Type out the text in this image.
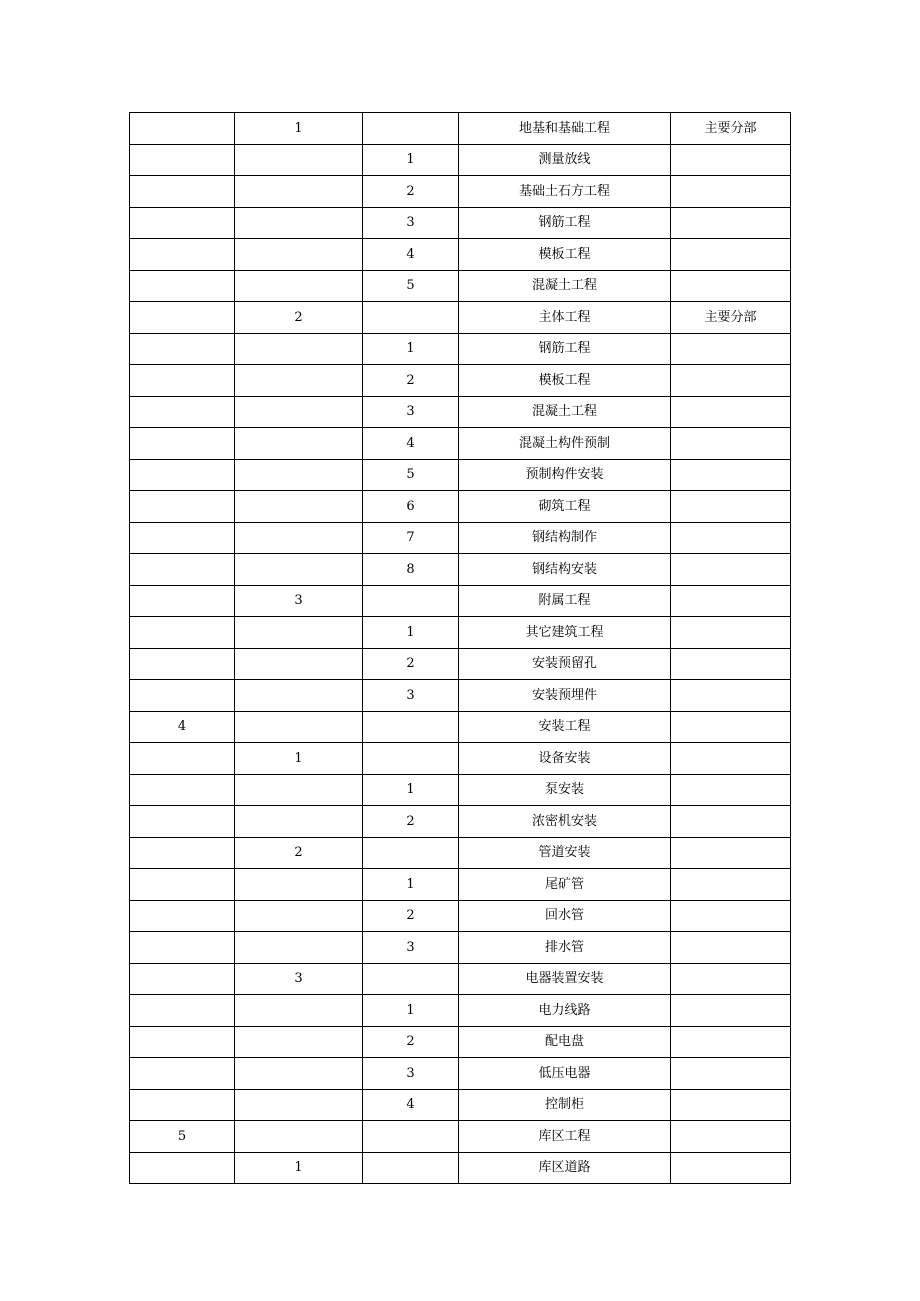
	1		地基和基础工程	主要分部
		1	测量放线	
		2	基础土石方工程	
		3	钢筋工程	
		4	模板工程	
		5	混凝土工程	
	2		主体工程	主要分部
		1	钢筋工程	
		2	模板工程	
		3	混凝土工程	
		4	混凝土构件预制	
		5	预制构件安装	
		6	砌筑工程	
		7	钢结构制作	
		8	钢结构安装	
	3		附属工程	
		1	其它建筑工程	
		2	安装预留孔	
		3	安装预埋件	
4			安装工程	
	1		设备安装	
		1	泵安装	
		2	浓密机安装	
	2		管道安装	
		1	尾矿管	
		2	回水管	
		3	排水管	
	3		电器装置安装	
		1	电力线路	
		2	配电盘	
		3	低压电器	
		4	控制柜	
5			库区工程	
	1		库区道路	
